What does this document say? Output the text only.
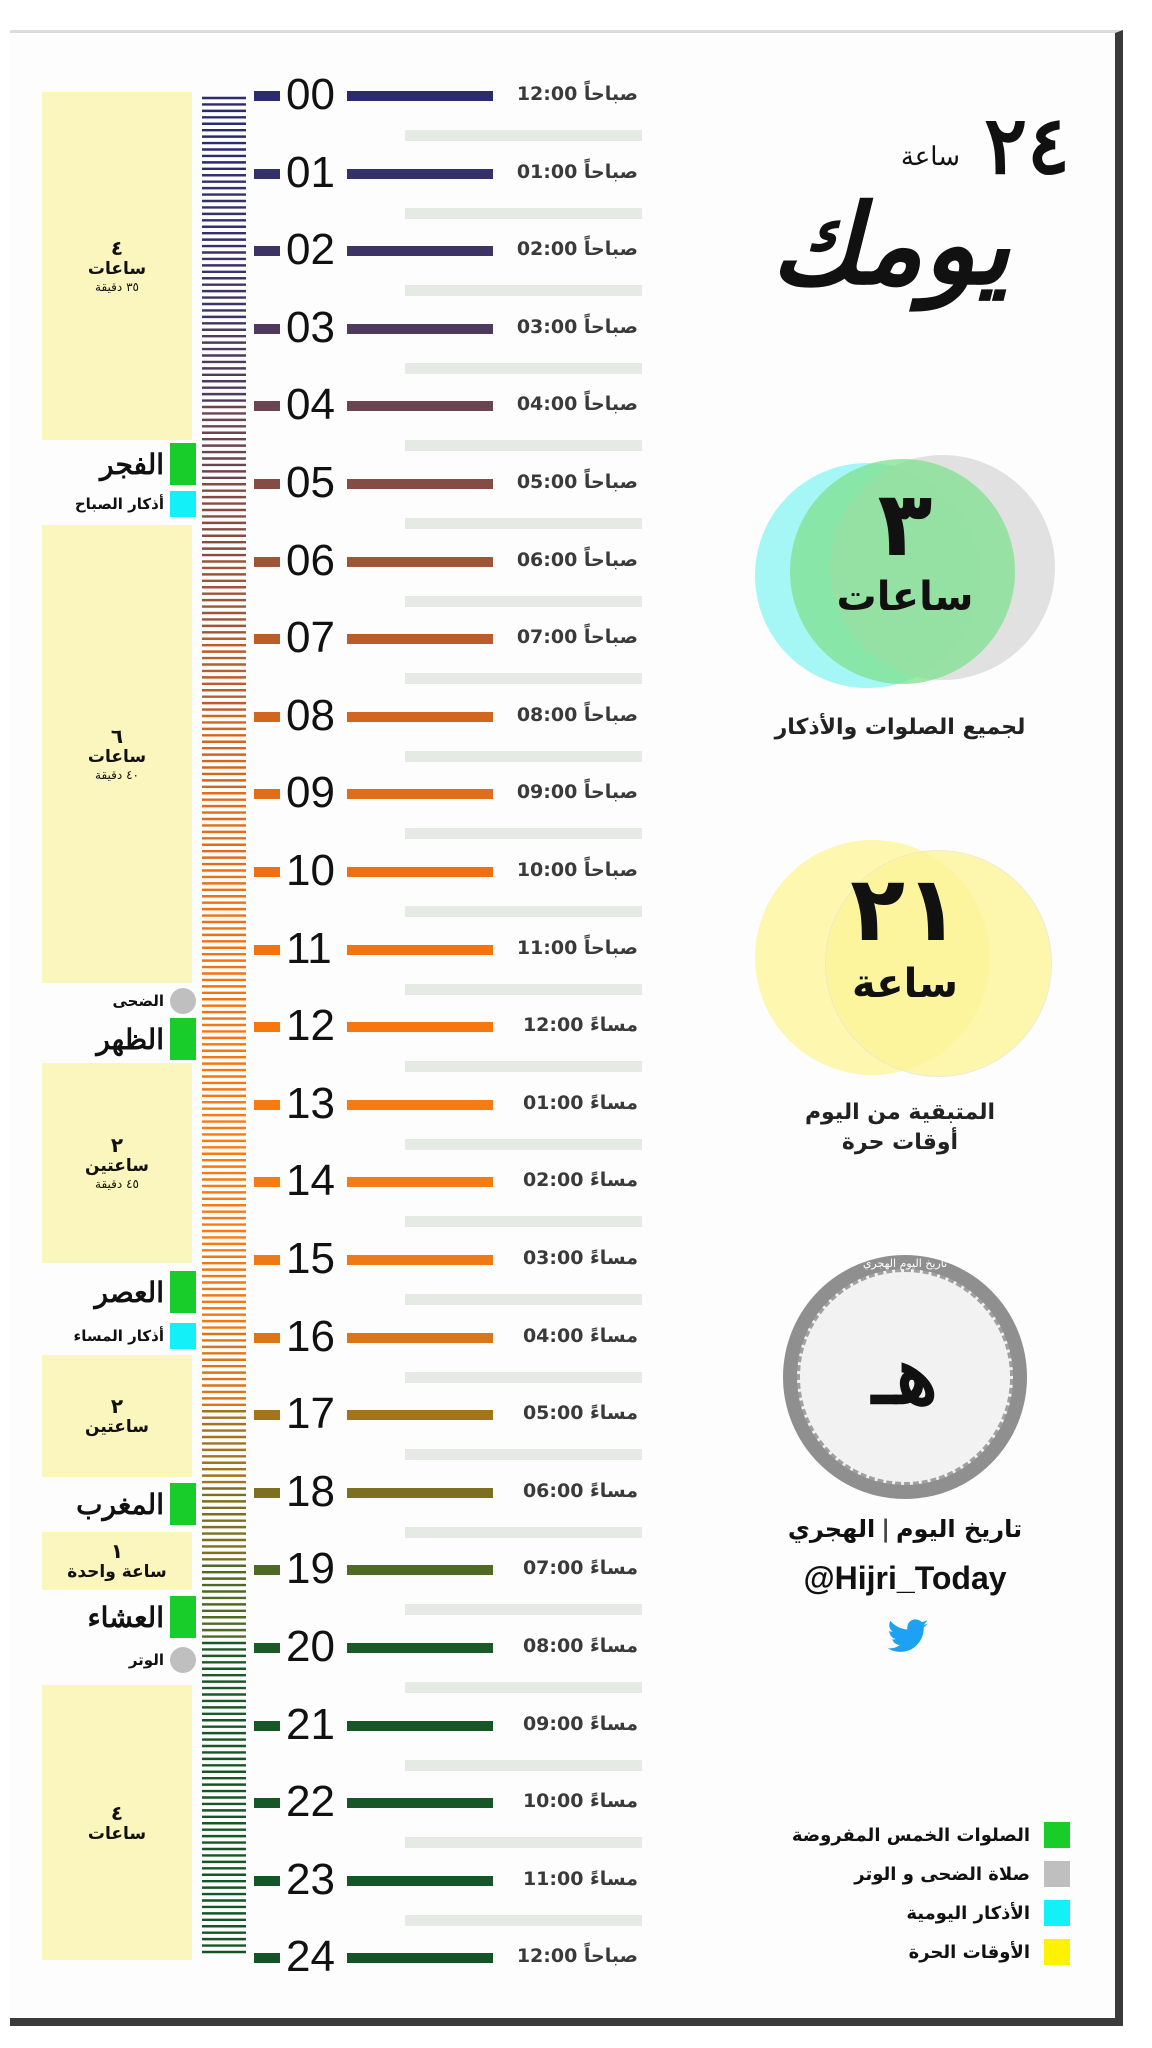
٤
ساعات
٣٥ دقيقة
٦
ساعات
٤٠ دقيقة
٢
ساعتين
٤٥ دقيقة
٢
ساعتين
١
ساعة واحدة
٤
ساعات
الفجر
أذكار الصباح
الضحى
الظهر
العصر
أذكار المساء
المغرب
العشاء
الوتر
00	12:00 صباحاً
01	01:00 صباحاً
02	02:00 صباحاً
03	03:00 صباحاً
04	04:00 صباحاً
05	05:00 صباحاً
06	06:00 صباحاً
07	07:00 صباحاً
08	08:00 صباحاً
09	09:00 صباحاً
10	10:00 صباحاً
11	11:00 صباحاً
12	12:00 مساءً
13	01:00 مساءً
14	02:00 مساءً
15	03:00 مساءً
16	04:00 مساءً
17	05:00 مساءً
18	06:00 مساءً
19	07:00 مساءً
20	08:00 مساءً
21	09:00 مساءً
22	10:00 مساءً
23	11:00 مساءً
24	12:00 صباحاً
٢٤
ساعة
يومك
٣
ساعات
لجميع الصلوات والأذكار
٢١
ساعة
المتبقية من اليوم
أوقات حرة
تاريخ اليوم الهجري
هـ
تاريخ اليوم
|
الهجري
@Hijri_Today
الصلوات الخمس المفروضة
صلاة الضحى و الوتر
الأذكار اليومية
الأوقات الحرة
